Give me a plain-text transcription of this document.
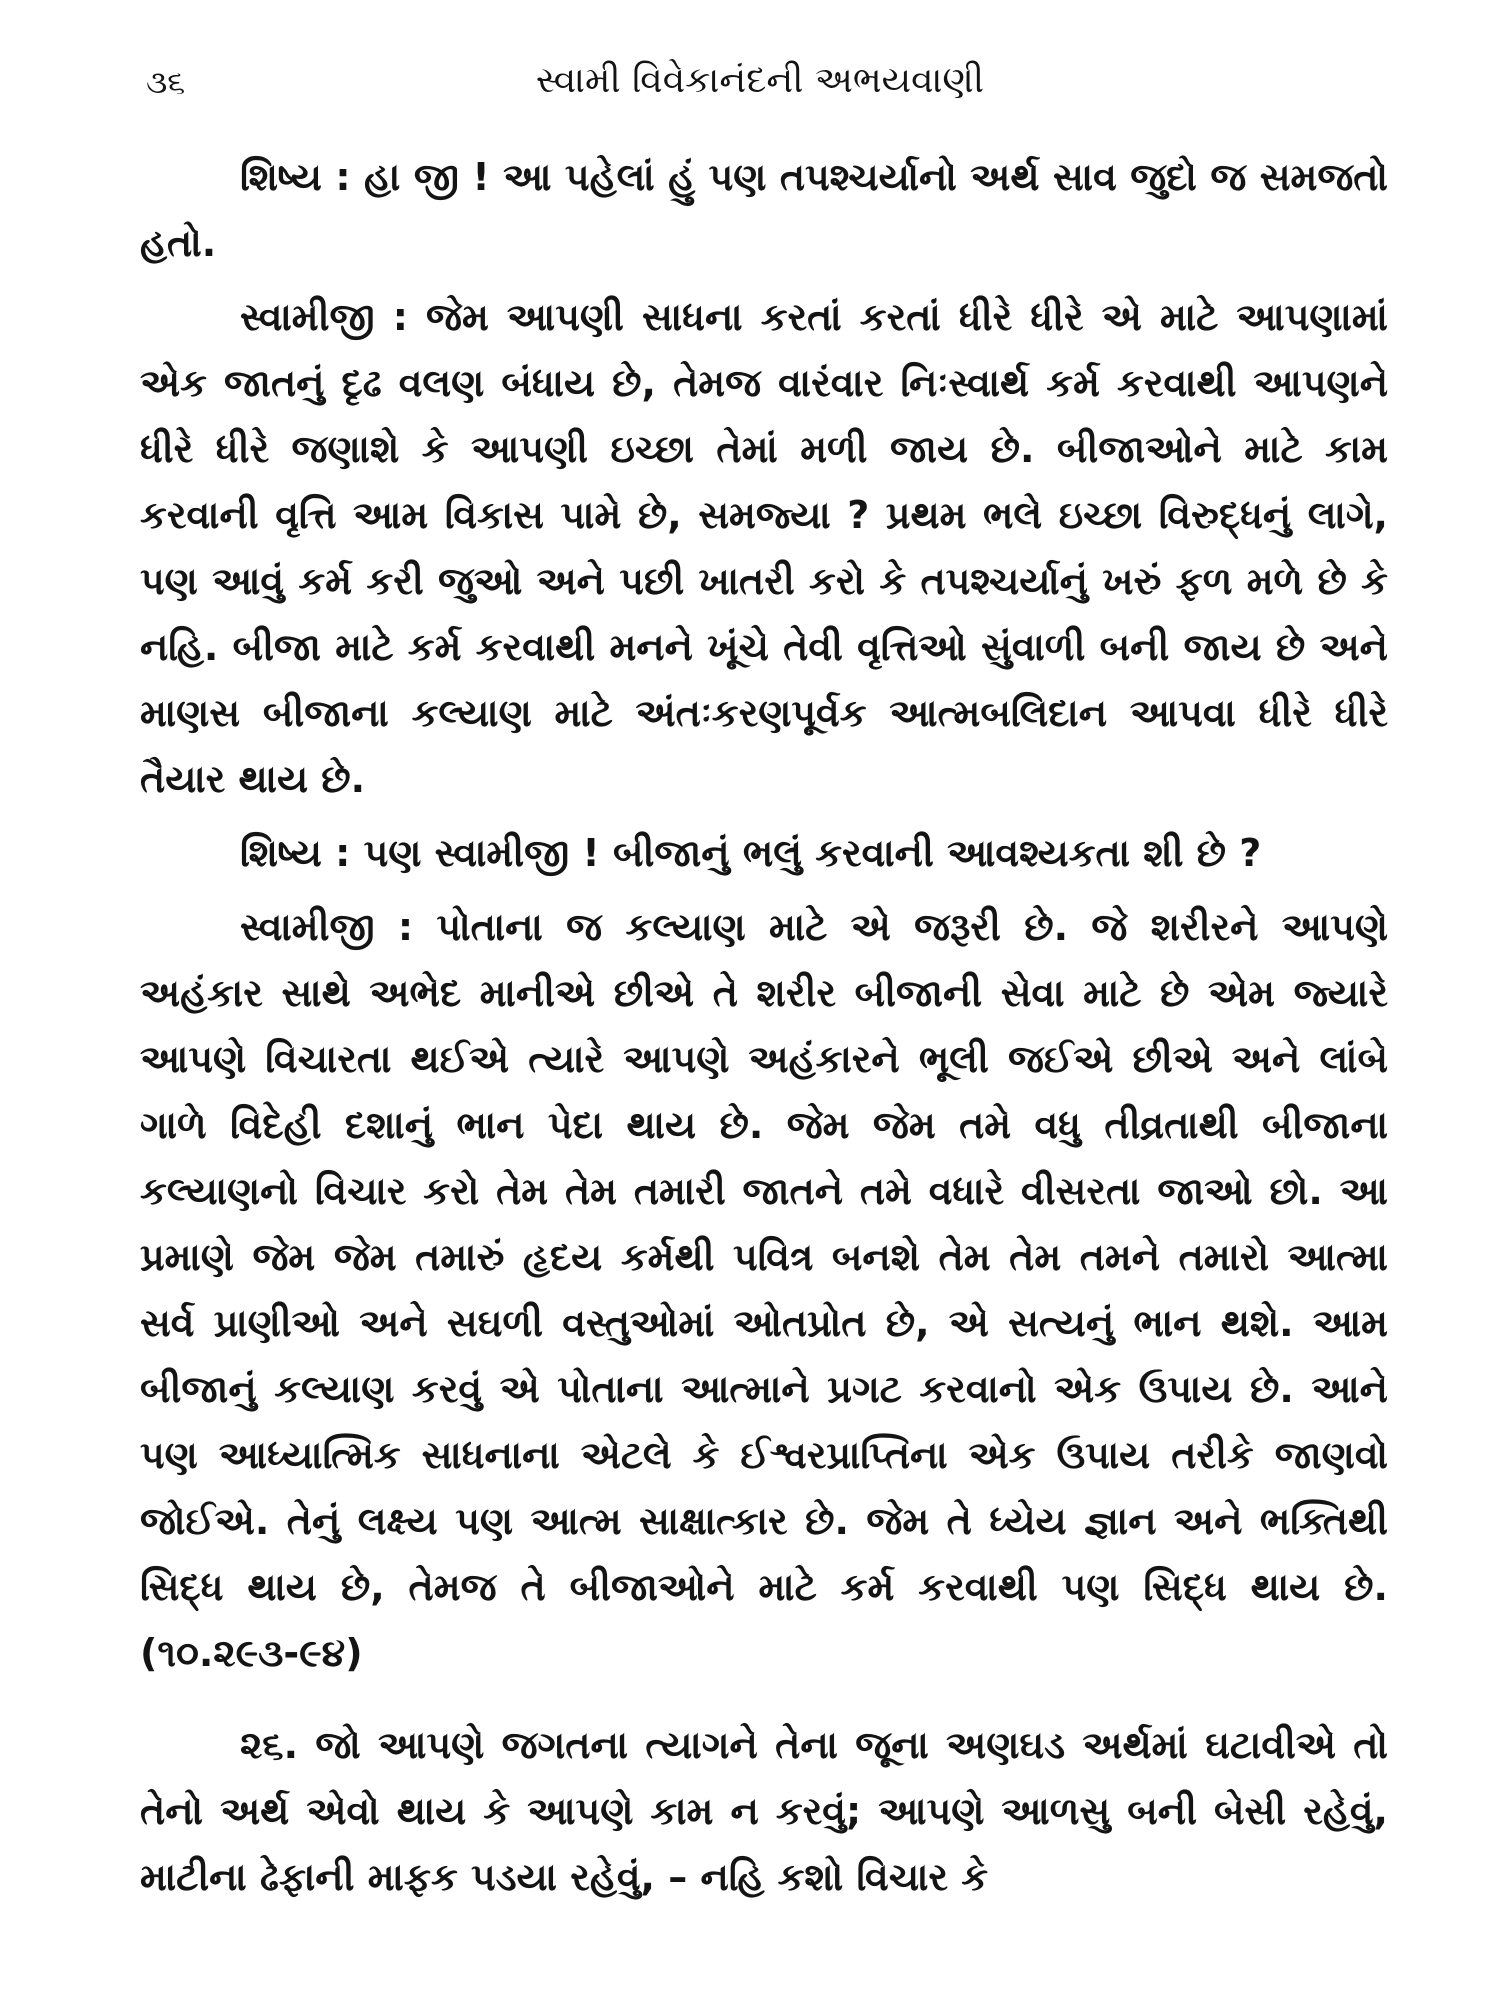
૩૬	સ્વામી વિવેકાનંદની અભયવાણી

શિષ્ય : હા જી ! આ પહેલાં હું પણ તપશ્ચર્યાનો અર્થ સાવ જુદો જ સમજતો હતો.

સ્વામીજી : જેમ આપણી સાધના કરતાં કરતાં ધીરે ધીરે એ માટે આપણામાં એક જાતનું દૃઢ વલણ બંધાય છે, તેમજ વારંવાર નિઃસ્વાર્થ કર્મ કરવાથી આપણને ધીરે ધીરે જણાશે કે આપણી ઇચ્છા તેમાં મળી જાય છે. બીજાઓને માટે કામ કરવાની વૃત્તિ આમ વિકાસ પામે છે, સમજ્યા ? પ્રથમ ભલે ઇચ્છા વિરુદ્ધનું લાગે, પણ આવું કર્મ કરી જુઓ અને પછી ખાતરી કરો કે તપશ્ચર્યાનું ખરું ફળ મળે છે કે નહિ. બીજા માટે કર્મ કરવાથી મનને ખૂંચે તેવી વૃત્તિઓ સુંવાળી બની જાય છે અને માણસ બીજાના કલ્યાણ માટે અંતઃકરણપૂર્વક આત્મબલિદાન આપવા ધીરે ધીરે તૈયાર થાય છે.

શિષ્ય : પણ સ્વામીજી ! બીજાનું ભલું કરવાની આવશ્યકતા શી છે ?

સ્વામીજી : પોતાના જ કલ્યાણ માટે એ જરૂરી છે. જે શરીરને આપણે અહંકાર સાથે અભેદ માનીએ છીએ તે શરીર બીજાની સેવા માટે છે એમ જ્યારે આપણે વિચારતા થઈએ ત્યારે આપણે અહંકારને ભૂલી જઈએ છીએ અને લાંબે ગાળે વિદેહી દશાનું ભાન પેદા થાય છે. જેમ જેમ તમે વધુ તીવ્રતાથી બીજાના કલ્યાણનો વિચાર કરો તેમ તેમ તમારી જાતને તમે વધારે વીસરતા જાઓ છો. આ પ્રમાણે જેમ જેમ તમારું હૃદય કર્મથી પવિત્ર બનશે તેમ તેમ તમને તમારો આત્મા સર્વ પ્રાણીઓ અને સઘળી વસ્તુઓમાં ઓતપ્રોત છે, એ સત્યનું ભાન થશે. આમ બીજાનું કલ્યાણ કરવું એ પોતાના આત્માને પ્રગટ કરવાનો એક ઉપાય છે. આને પણ આધ્યાત્મિક સાધનાના એટલે કે ઈશ્વરપ્રાપ્તિના એક ઉપાય તરીકે જાણવો જોઈએ. તેનું લક્ષ્ય પણ આત્મ સાક્ષાત્કાર છે. જેમ તે ધ્યેય જ્ઞાન અને ભક્તિથી સિદ્ધ થાય છે, તેમજ તે બીજાઓને માટે કર્મ કરવાથી પણ સિદ્ધ થાય છે. (૧૦.૨૯૩-૯૪)

૨૬. જો આપણે જગતના ત્યાગને તેના જૂના અણઘડ અર્થમાં ઘટાવીએ તો તેનો અર્થ એવો થાય કે આપણે કામ ન કરવું; આપણે આળસુ બની બેસી રહેવું, માટીના ઢેફાની માફક પડયા રહેવું, – નહિ કશો વિચાર કે
